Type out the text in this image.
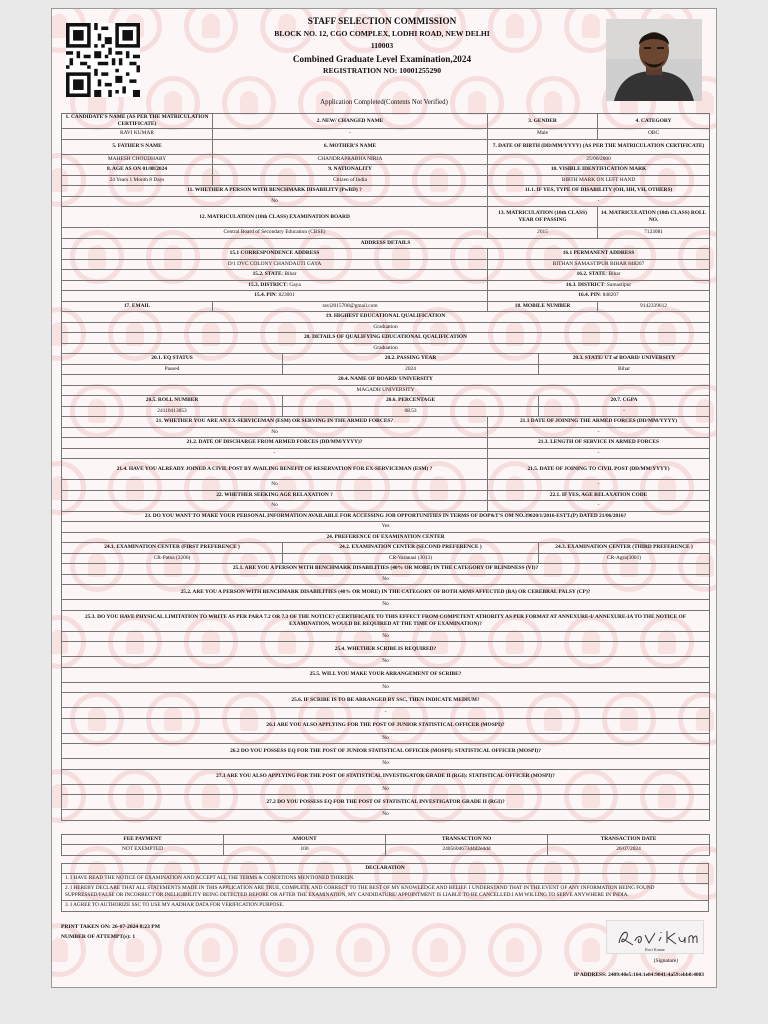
STAFF SELECTION COMMISSION
BLOCK NO. 12, CGO COMPLEX, LODHI ROAD, NEW DELHI
110003
Combined Graduate Level Examination,2024
REGISTRATION NO: 10001255290
Application Completed(Contents Not Verified)
1. CANDIDATE'S NAME (AS PER THE MATRICULATION CERTIFICATE)	2. NEW/ CHANGED NAME		3. GENDER		4. CATEGORY
RAVI KUMAR	-		Male		OBC
5. FATHER'S NAME	6. MOTHER'S NAME		7. DATE OF BIRTH (DD/MM/YYYY) (AS PER THE MATRICULATION CERTIFICATE)		
MAHESH CHOUDHARY	CHANDRAPRABHA NIRJA		25/06/2000		
8. AGE AS ON 01/08/2024	9. NATIONALITY		10. VISIBLE IDENTIFICATION MARK		
24 Years 1 Month 8 Days	Citizen of India		BIRTH MARK ON LEFT HAND		
11. WHETHER A PERSON WITH BENCHMARK DISABILITY (PwBD) ?			11.1. IF YES, TYPE OF DISABILITY (OH, HH, VH, OTHERS)		
No			-		
12. MATRICULATION (10th CLASS) EXAMINATION BOARD			13. MATRICULATION (10th CLASS) YEAR OF PASSING		14. MATRICULATION (10th CLASS) ROLL NO.
Central Board of Secondary Education (CBSE)			2015		7123081
ADDRESS DETAILS					
15.1 CORRESPONDENCE ADDRESS			16.1 PERMANENT ADDRESS		
D/1 DVC COLONY CHANDAUTI GAYA			BITHAN SAMASTIPUR BIHAR 848207		
15.2. STATE: Bihar			16.2. STATE: Bihar		
15.3. DISTRICT: Gaya			16.3. DISTRICT: Samastipur		
15.4. PIN: 823001			16.4. PIN: 848207		
17. EMAIL	ravi2015708@gmail.com		18. MOBILE NUMBER		9142339612
19. HIGHEST EDUCATIONAL QUALIFICATION					
Graduation					
20. DETAILS OF QUALIFYING EDUCATIONAL QUALIFICATION					
Graduation					
20.1. EQ STATUS		20.2. PASSING YEAR		20.3. STATE/ UT of BOARD/ UNIVERSITY	
Passed		2024		Bihar	
20.4. NAME OF BOARD/ UNIVERSITY					
MAGADH UNIVERSITY					
20.5. ROLL NUMBER		20.6. PERCENTAGE		20.7. CGPA	
24110413053		68.53		-	
21. WHETHER YOU ARE AN EX-SERVICEMAN (ESM) OR SERVING IN THE ARMED FORCES?			21.1 DATE OF JOINING THE ARMED FORCES (DD/MM/YYYY)		
No			-		
21.2. DATE OF DISCHARGE FROM ARMED FORCES (DD/MM/YYYY)?			21.3. LENGTH OF SERVICE IN ARMED FORCES		
-			-		
21.4. HAVE YOU ALREADY JOINED A CIVIL POST BY AVAILING BENEFIT OF RESERVATION FOR EX-SERVICEMAN (ESM) ?			21.5. DATE OF JOINING TO CIVIL POST (DD/MM/YYYY)		
No			-		
22. WHETHER SEEKING AGE RELAXATION ?			22.1. IF YES, AGE RELAXATION CODE		
No			-		
23. DO YOU WANT TO MAKE YOUR PERSONAL INFORMATION AVAILABLE FOR ACCESSING JOB OPPORTUNITIES IN TERMS OF DOP&T'S OM NO.39020/1/2016-ESTT.(P) DATED 21/06/2016?					
Yes					
24. PREFERENCE OF EXAMINATION CENTER					
24.1. EXAMINATION CENTER (FIRST PREFERENCE )		24.2. EXAMINATION CENTER (SECOND PREFERENCE )		24.3. EXAMINATION CENTER (THIRD PREFERENCE )	
CR-Patna (3206)		CR-Varanasi (3013)		CR-Agra(3001)	
25.1. ARE YOU A PERSON WITH BENCHMARK DISABILITIES (40% OR MORE) IN THE CATEGORY OF BLINDNESS (VI)?					
No					
25.2. ARE YOU A PERSON WITH BENCHMARK DISABILITIES (40% OR MORE) IN THE CATEGORY OF BOTH ARMS AFFECTED (BA) OR CEREBRAL PALSY (CP)?					
No					
25.3. DO YOU HAVE PHYSICAL LIMITATION TO WRITE AS PER PARA 7.2 OR 7.3 OF THE NOTICE? (CERTIFICATE TO THIS EFFECT FROM COMPETENT ATHORITY AS PER FORMAT AT ANNEXURE-I/ ANNEXURE-IA TO THE NOTICE OF EXAMINATION, WOULD BE REQUIRED AT THE TIME OF EXAMINATION)?					
No					
25.4. WHETHER SCRIBE IS REQUIRED?					
No					
25.5. WILL YOU MAKE YOUR ARRANGEMENT OF SCRIBE?					
No					
25.6. IF SCRIBE IS TO BE ARRANGED BY SSC, THEN INDICATE MEDIUM?					
-					
26.1 ARE YOU ALSO APPLYING FOR THE POST OF JUNIOR STATISTICAL OFFICER (MOSPI)?					
No					
26.2 DO YOU POSSESS EQ FOR THE POST OF JUNIOR STATISTICAL OFFICER (MOSPI): STATISTICAL OFFICER (MOSPI)?					
No					
27.1 ARE YOU ALSO APPLYING FOR THE POST OF STATISTICAL INVESTIGATOR GRADE II (RGI): STATISTICAL OFFICER (MOSPI)?					
No					
27.2 DO YOU POSSESS EQ FOR THE POST OF STATISTICAL INVESTIGATOR GRADE II (RGI)?					
No					
FEE PAYMENT	AMOUNT	TRANSACTION NO	TRANSACTION DATE
NOT EXEMPTED	100	240560d673d4d2eddd	26/07/2024
DECLARATION
1. I HAVE READ THE NOTICE OF EXAMINATION AND ACCEPT ALL THE TERMS & CONDITIONS MENTIONED THEREIN.
2. I HEREBY DECLARE THAT ALL STATEMENTS MADE IN THIS APPLICATION ARE TRUE, COMPLETE AND CORRECT TO THE BEST OF MY KNOWLEDGE AND BELIEF. I UNDERSTAND THAT IN THE EVENT OF ANY INFORMATION BEING FOUND SUPPRESSED/FALSE OR INCORRECT OR INELIGIBILITY BEING DETECTED BEFORE OR AFTER THE EXAMINATION, MY CANDIDATURE/ APPOINTMENT IS LIABLE TO BE CANCELLED.I AM WILLING TO SERVE ANYWHERE IN INDIA.
3. I AGREE TO AUTHORIZE SSC TO USE MY AADHAR DATA FOR VERIFICATION PURPOSE.
PRINT TAKEN ON: 26-07-2024 8:23 PM
NUMBER OF ATTEMPT(s): 1
Ravi Kumar
(Signature)
IP ADDRESS: 2409:40e5:164:1e84:9041:4a59:ebb0:4083
